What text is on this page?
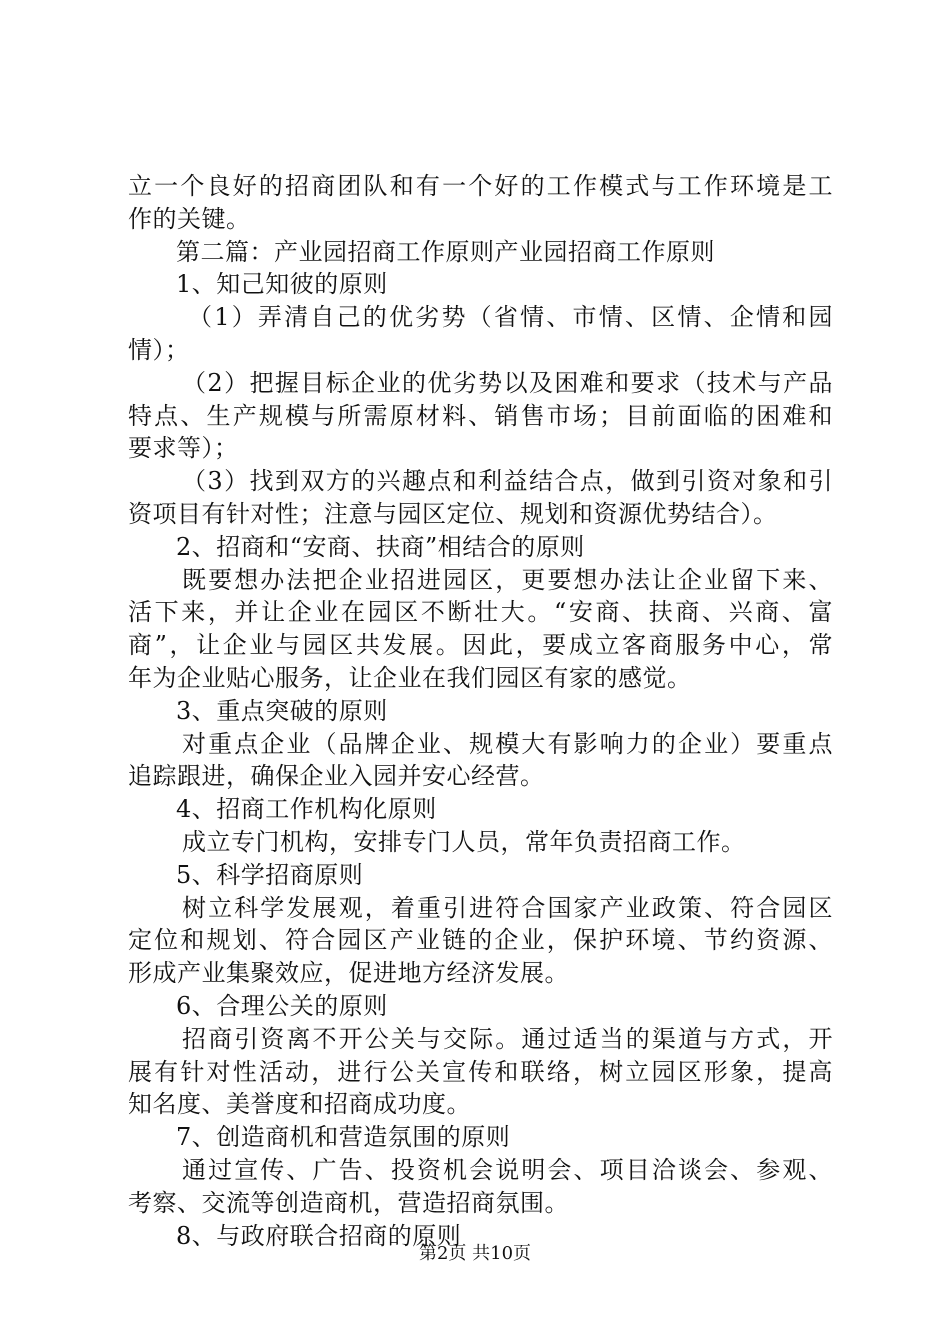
立一个良好的招商团队和有一个好的工作模式与工作环境是工
作的关键。
第二篇：产业园招商工作原则产业园招商工作原则
1、知己知彼的原则
（1）弄清自己的优劣势（省情、市情、区情、企情和园
情）；
（2）把握目标企业的优劣势以及困难和要求（技术与产品
特点、生产规模与所需原材料、销售市场；目前面临的困难和
要求等）；
（3）找到双方的兴趣点和利益结合点，做到引资对象和引
资项目有针对性；注意与园区定位、规划和资源优势结合）。
2、招商和“安商、扶商”相结合的原则
既要想办法把企业招进园区，更要想办法让企业留下来、
活下来，并让企业在园区不断壮大。“安商、扶商、兴商、富
商”，让企业与园区共发展。因此，要成立客商服务中心，常
年为企业贴心服务，让企业在我们园区有家的感觉。
3、重点突破的原则
对重点企业（品牌企业、规模大有影响力的企业）要重点
追踪跟进，确保企业入园并安心经营。
4、招商工作机构化原则
成立专门机构，安排专门人员，常年负责招商工作。
5、科学招商原则
树立科学发展观，着重引进符合国家产业政策、符合园区
定位和规划、符合园区产业链的企业，保护环境、节约资源、
形成产业集聚效应，促进地方经济发展。
6、合理公关的原则
招商引资离不开公关与交际。通过适当的渠道与方式，开
展有针对性活动，进行公关宣传和联络，树立园区形象，提高
知名度、美誉度和招商成功度。
7、创造商机和营造氛围的原则
通过宣传、广告、投资机会说明会、项目洽谈会、参观、
考察、交流等创造商机，营造招商氛围。
8、与政府联合招商的原则
第2页 共10页
